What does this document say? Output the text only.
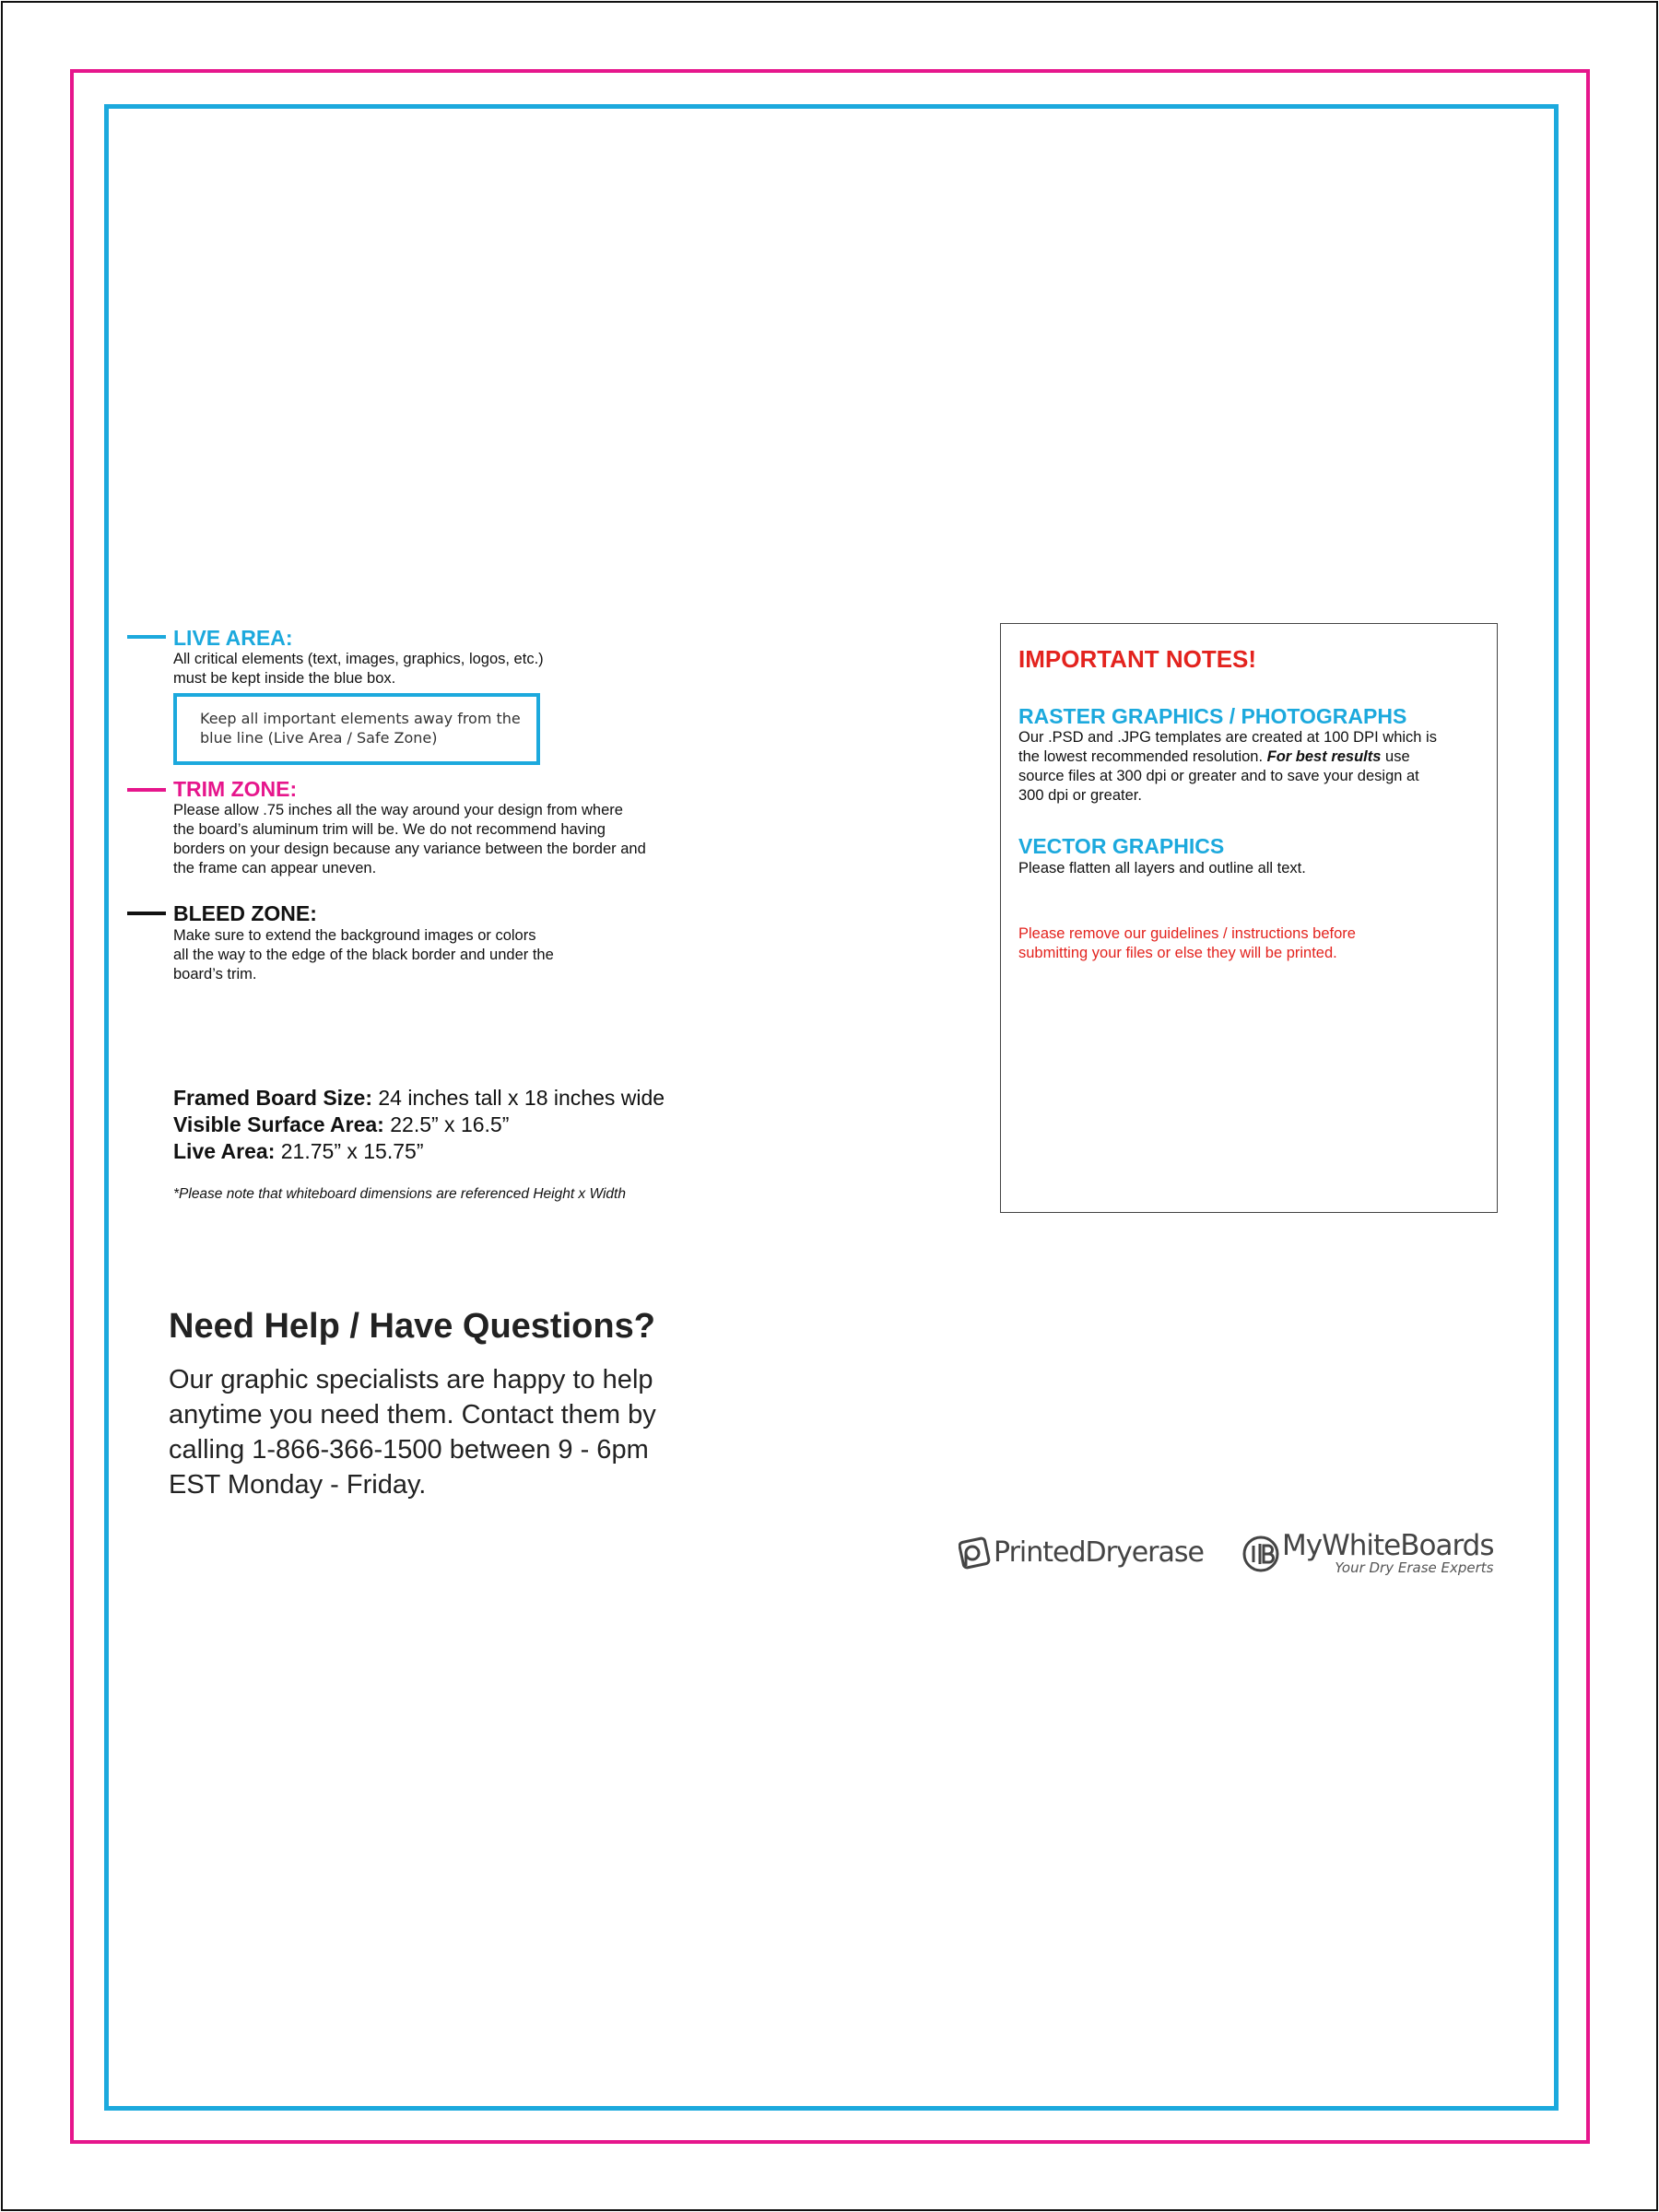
LIVE AREA:
All critical elements (text, images, graphics, logos, etc.)
must be kept inside the blue box.
Keep all important elements away from the
blue line (Live Area / Safe Zone)
TRIM ZONE:
Please allow .75 inches all the way around your design from where
the board’s aluminum trim will be. We do not recommend having
borders on your design because any variance between the border and
the frame can appear uneven.
BLEED ZONE:
Make sure to extend the background images or colors
all the way to the edge of the black border and under the
board’s trim.
Framed Board Size: 24 inches tall x 18 inches wide
Visible Surface Area: 22.5” x 16.5”
Live Area: 21.75” x 15.75”
*Please note that whiteboard dimensions are referenced Height x Width
Need Help / Have Questions?
Our graphic specialists are happy to help
anytime you need them. Contact them by
calling 1-866-366-1500 between 9 - 6pm
EST Monday - Friday.
IMPORTANT NOTES!
RASTER GRAPHICS / PHOTOGRAPHS
Our .PSD and .JPG templates are created at 100 DPI which is
the lowest recommended resolution. For best results use
source files at 300 dpi or greater and to save your design at
300 dpi or greater.
VECTOR GRAPHICS
Please flatten all layers and outline all text.
Please remove our guidelines / instructions before
submitting your files or else they will be printed.
PrintedDryerase	MyWhiteBoards
Your Dry Erase Experts
